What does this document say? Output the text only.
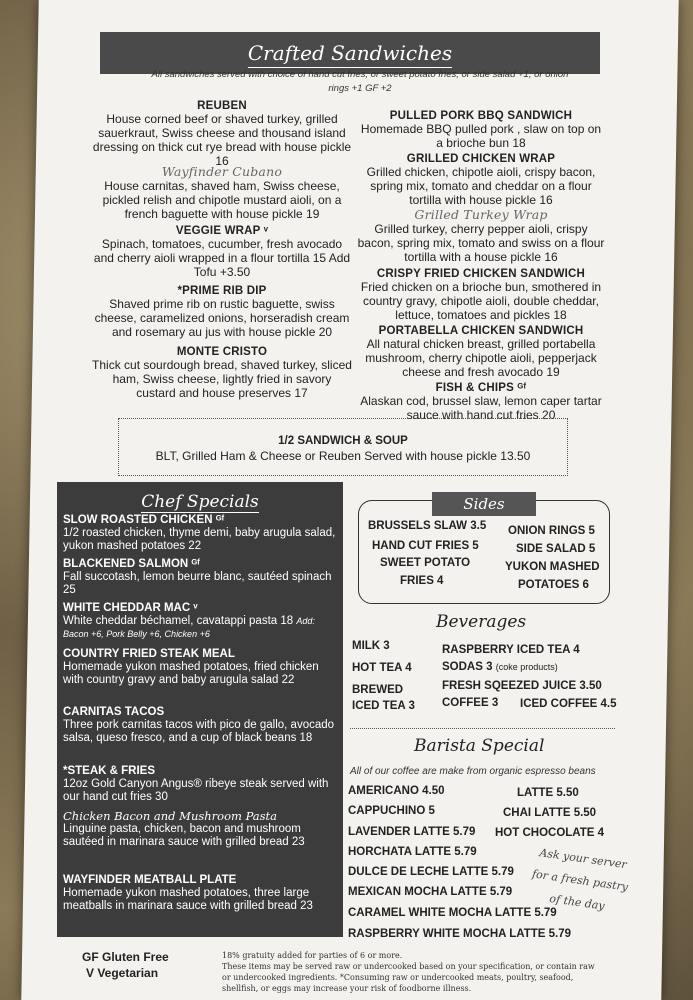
Crafted Sandwiches
All sandwiches served with choice of hand cut fries, or sweet potato fries, or side salad +1, or onion rings +1 GF +2
REUBEN
House corned beef or shaved turkey, grilled sauerkraut, Swiss cheese and thousand island dressing on thick cut rye bread with house pickle 16
Wayfinder Cubano
House carnitas, shaved ham, Swiss cheese, pickled relish and chipotle mustard aioli, on a french baguette with house pickle 19
VEGGIE WRAP ᵛ
Spinach, tomatoes, cucumber, fresh avocado and cherry aioli wrapped in a flour tortilla 15 Add Tofu +3.50
*PRIME RIB DIP
Shaved prime rib on rustic baguette, swiss cheese, caramelized onions, horseradish cream and rosemary au jus with house pickle 20
MONTE CRISTO
Thick cut sourdough bread, shaved turkey, sliced ham, Swiss cheese, lightly fried in savory custard and house preserves 17
PULLED PORK BBQ SANDWICH
Homemade BBQ pulled pork , slaw on top on a brioche bun 18
GRILLED CHICKEN WRAP
Grilled chicken, chipotle aioli, crispy bacon, spring mix, tomato and cheddar on a flour tortilla with house pickle 16
Grilled Turkey Wrap
Grilled turkey, cherry pepper aioli, crispy bacon, spring mix, tomato and swiss on a flour tortilla with a house pickle 16
CRISPY FRIED CHICKEN SANDWICH
Fried chicken on a brioche bun, smothered in country gravy, chipotle aioli, double cheddar, lettuce, tomatoes and pickles 18
PORTABELLA CHICKEN SANDWICH
All natural chicken breast, grilled portabella mushroom, cherry chipotle aioli, pepperjack cheese and fresh avocado 19
FISH & CHIPS ᴳᶠ
Alaskan cod, brussel slaw, lemon caper tartar sauce with hand cut fries 20
1/2 SANDWICH & SOUP
BLT, Grilled Ham & Cheese or Reuben Served with house pickle 13.50
Chef Specials
SLOW ROASTED CHICKEN ᴳᶠ
1/2 roasted chicken, thyme demi, baby arugula salad, yukon mashed potatoes 22
BLACKENED SALMON ᴳᶠ
Fall succotash, lemon beurre blanc, sautéed spinach 25
WHITE CHEDDAR MAC ᵛ
White cheddar béchamel, cavatappi pasta 18 Add: Bacon +6, Pork Belly +6, Chicken +6
COUNTRY FRIED STEAK MEAL
Homemade yukon mashed potatoes, fried chicken with country gravy and baby arugula salad 22
CARNITAS TACOS
Three pork carnitas tacos with pico de gallo, avocado salsa, queso fresco, and a cup of black beans 18
*STEAK & FRIES
12oz Gold Canyon Angus® ribeye steak served with our hand cut fries 30
Chicken Bacon and Mushroom Pasta
Linguine pasta, chicken, bacon and mushroom sautéed in marinara sauce with grilled bread 23
WAYFINDER MEATBALL PLATE
Homemade yukon mashed potatoes, three large meatballs in marinara sauce with grilled bread 23
Sides
BRUSSELS SLAW 3.5
HAND CUT FRIES 5
SWEET POTATO
FRIES 4
ONION RINGS 5
SIDE SALAD 5
YUKON MASHED
POTATOES 6
Beverages
MILK 3
HOT TEA 4
BREWED
ICED TEA 3
RASPBERRY ICED TEA 4
SODAS 3 (coke products)
FRESH SQEEZED JUICE 3.50
COFFEE 3 ICED COFFEE 4.5
Barista Special
All of our coffee are make from organic espresso beans
AMERICANO 4.50
CAPPUCHINO 5
LAVENDER LATTE 5.79
HORCHATA LATTE 5.79
DULCE DE LECHE LATTE 5.79
MEXICAN MOCHA LATTE 5.79
CARAMEL WHITE MOCHA LATTE 5.79
RASPBERRY WHITE MOCHA LATTE 5.79
LATTE 5.50
CHAI LATTE 5.50
HOT CHOCOLATE 4
Ask your server
for a fresh pastry
of the day
GF Gluten Free
V Vegetarian
18% gratuity added for parties of 6 or more.
These items may be served raw or undercooked based on your specification, or contain raw or undercooked ingredients. *Consuming raw or undercooked meats, poultry, seafood, shellfish, or eggs may increase your risk of foodborne illness.
